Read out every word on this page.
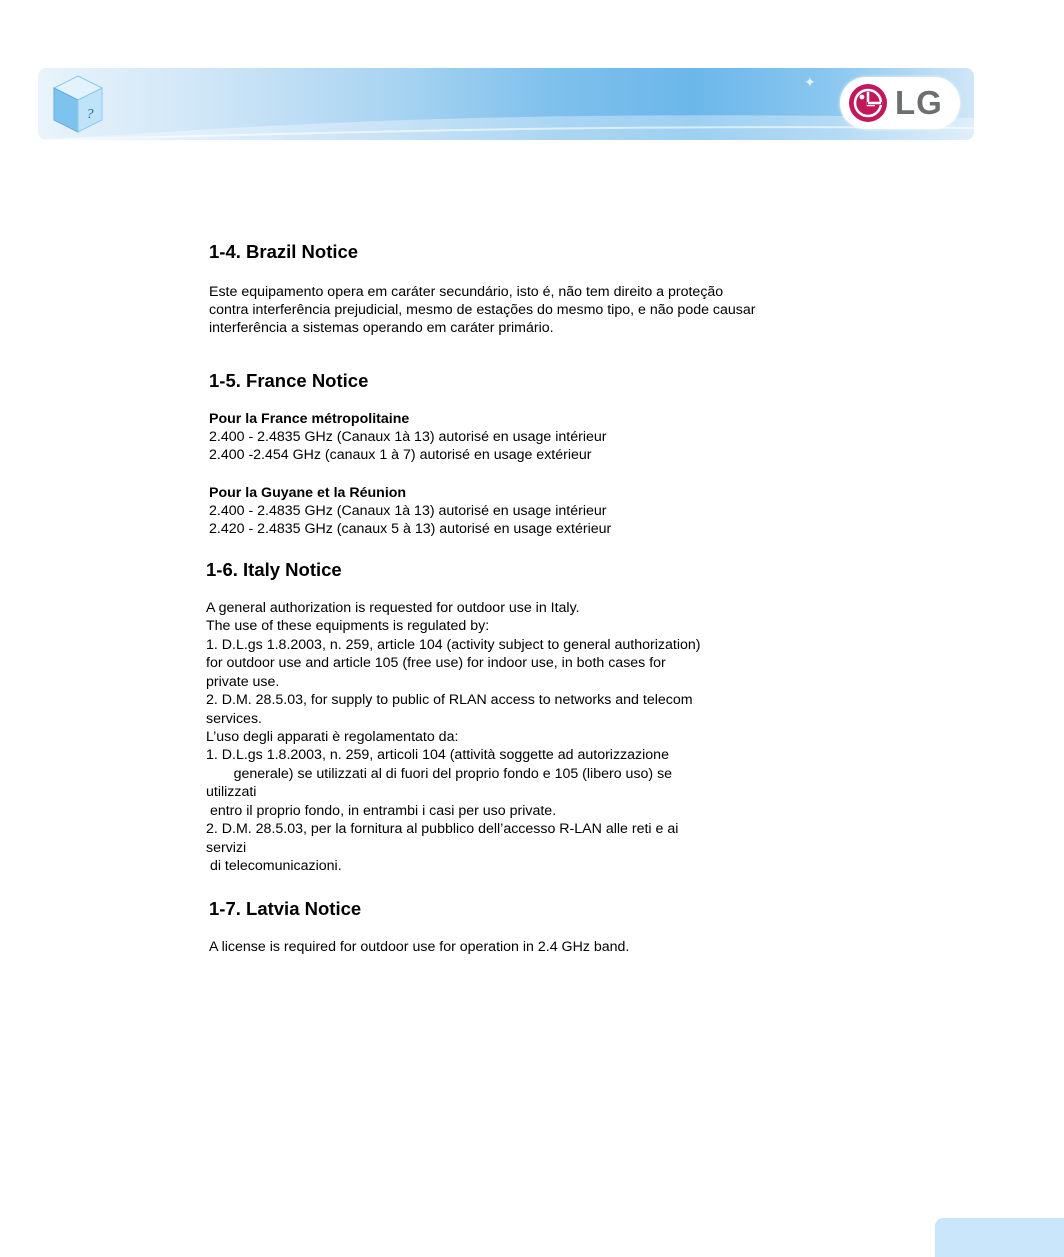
?
✦
LG
1-4. Brazil Notice

Este equipamento opera em caráter secundário, isto é, não tem direito a proteção

contra interferência prejudicial, mesmo de estações do mesmo tipo, e não pode causar

interferência a sistemas operando em caráter primário.

1-5. France Notice

Pour la France métropolitaine

2.400 - 2.4835 GHz (Canaux 1à 13) autorisé en usage intérieur

2.400 -2.454 GHz (canaux 1 à 7) autorisé en usage extérieur

Pour la Guyane et la Réunion

2.400 - 2.4835 GHz (Canaux 1à 13) autorisé en usage intérieur

2.420 - 2.4835 GHz (canaux 5 à 13) autorisé en usage extérieur

1-6. Italy Notice

A general authorization is requested for outdoor use in Italy.

The use of these equipments is regulated by:

1. D.L.gs 1.8.2003, n. 259, article 104 (activity subject to general authorization)

for outdoor use and article 105 (free use) for indoor use, in both cases for

private use.

2. D.M. 28.5.03, for supply to public of RLAN access to networks and telecom

services.

L’uso degli apparati è regolamentato da:

1. D.L.gs 1.8.2003, n. 259, articoli 104 (attività soggette ad autorizzazione

generale) se utilizzati al di fuori del proprio fondo e 105 (libero uso) se

utilizzati

entro il proprio fondo, in entrambi i casi per uso private.

2. D.M. 28.5.03, per la fornitura al pubblico dell’accesso R-LAN alle reti e ai

servizi

di telecomunicazioni.

1-7. Latvia Notice

A license is required for outdoor use for operation in 2.4 GHz band.
